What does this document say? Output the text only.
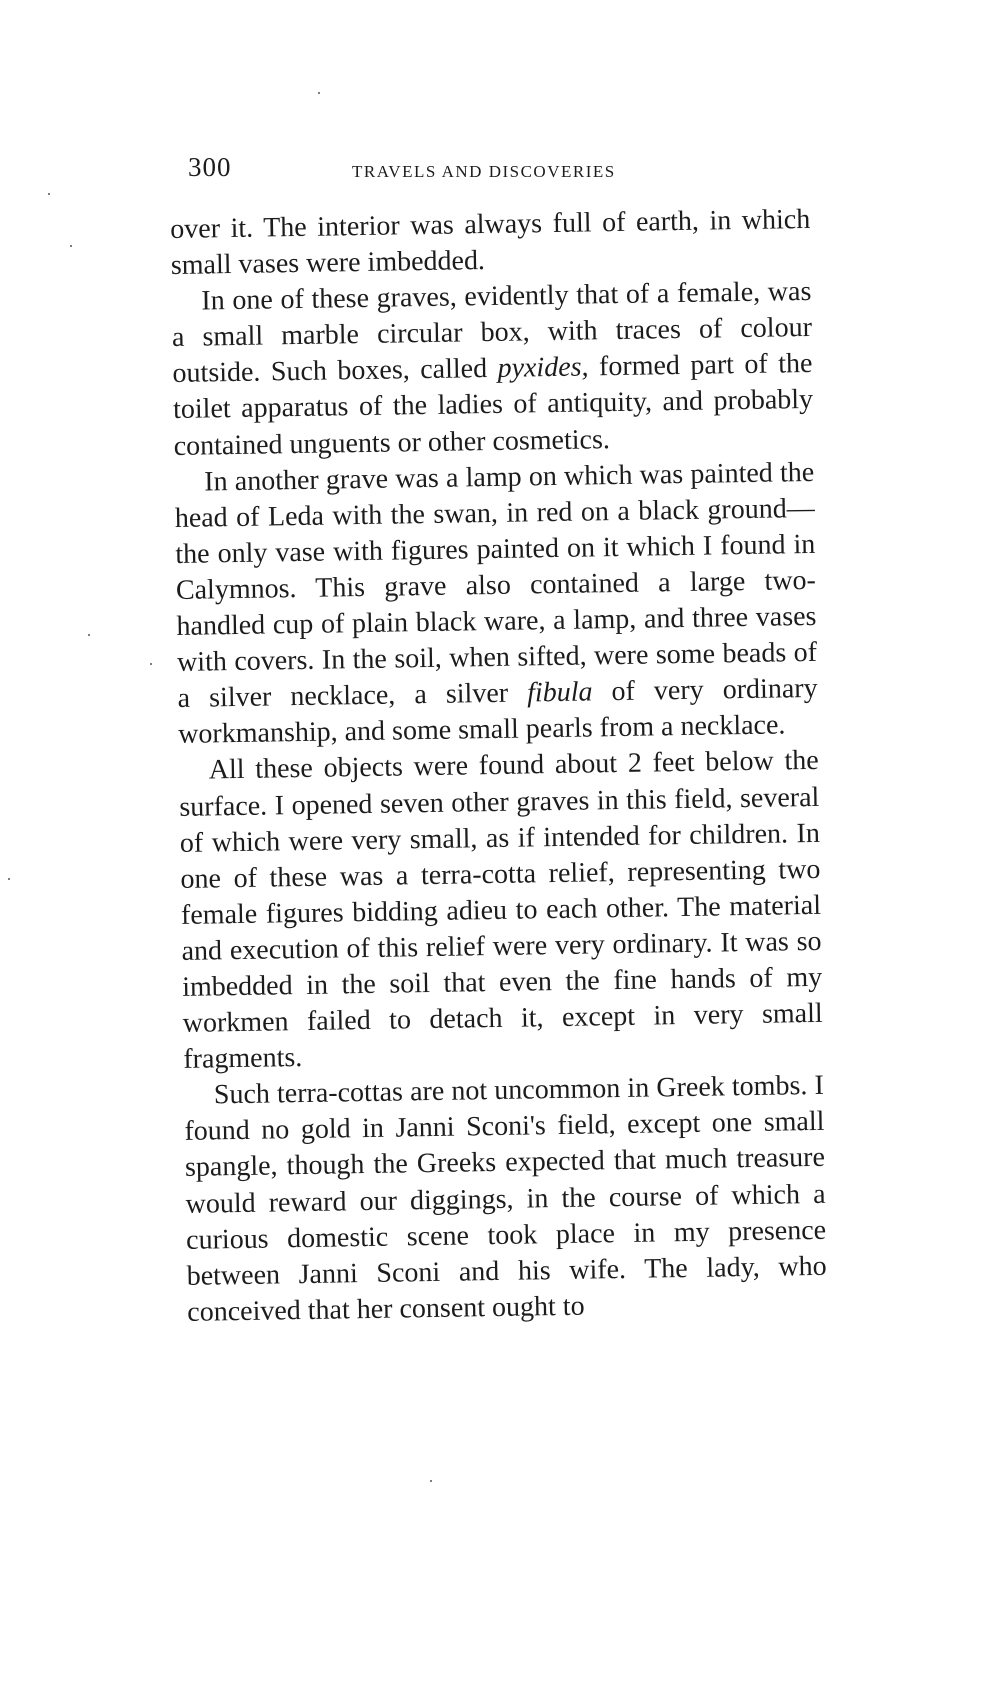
300	TRAVELS AND DISCOVERIES

over it. The interior was always full of earth, in which small vases were imbedded.

In one of these graves, evidently that of a female, was a small marble circular box, with traces of colour outside. Such boxes, called pyxides, formed part of the toilet apparatus of the ladies of antiquity, and probably contained unguents or other cosmetics.

In another grave was a lamp on which was painted the head of Leda with the swan, in red on a black ground—the only vase with figures painted on it which I found in Calymnos. This grave also contained a large two-handled cup of plain black ware, a lamp, and three vases with covers. In the soil, when sifted, were some beads of a silver necklace, a silver fibula of very ordinary workmanship, and some small pearls from a necklace.

All these objects were found about 2 feet below the surface. I opened seven other graves in this field, several of which were very small, as if intended for children. In one of these was a terra-cotta relief, representing two female figures bidding adieu to each other. The material and execution of this relief were very ordinary. It was so imbedded in the soil that even the fine hands of my workmen failed to detach it, except in very small fragments.

Such terra-cottas are not uncommon in Greek tombs. I found no gold in Janni Sconi's field, except one small spangle, though the Greeks expected that much treasure would reward our diggings, in the course of which a curious domestic scene took place in my presence between Janni Sconi and his wife. The lady, who conceived that her consent ought to
